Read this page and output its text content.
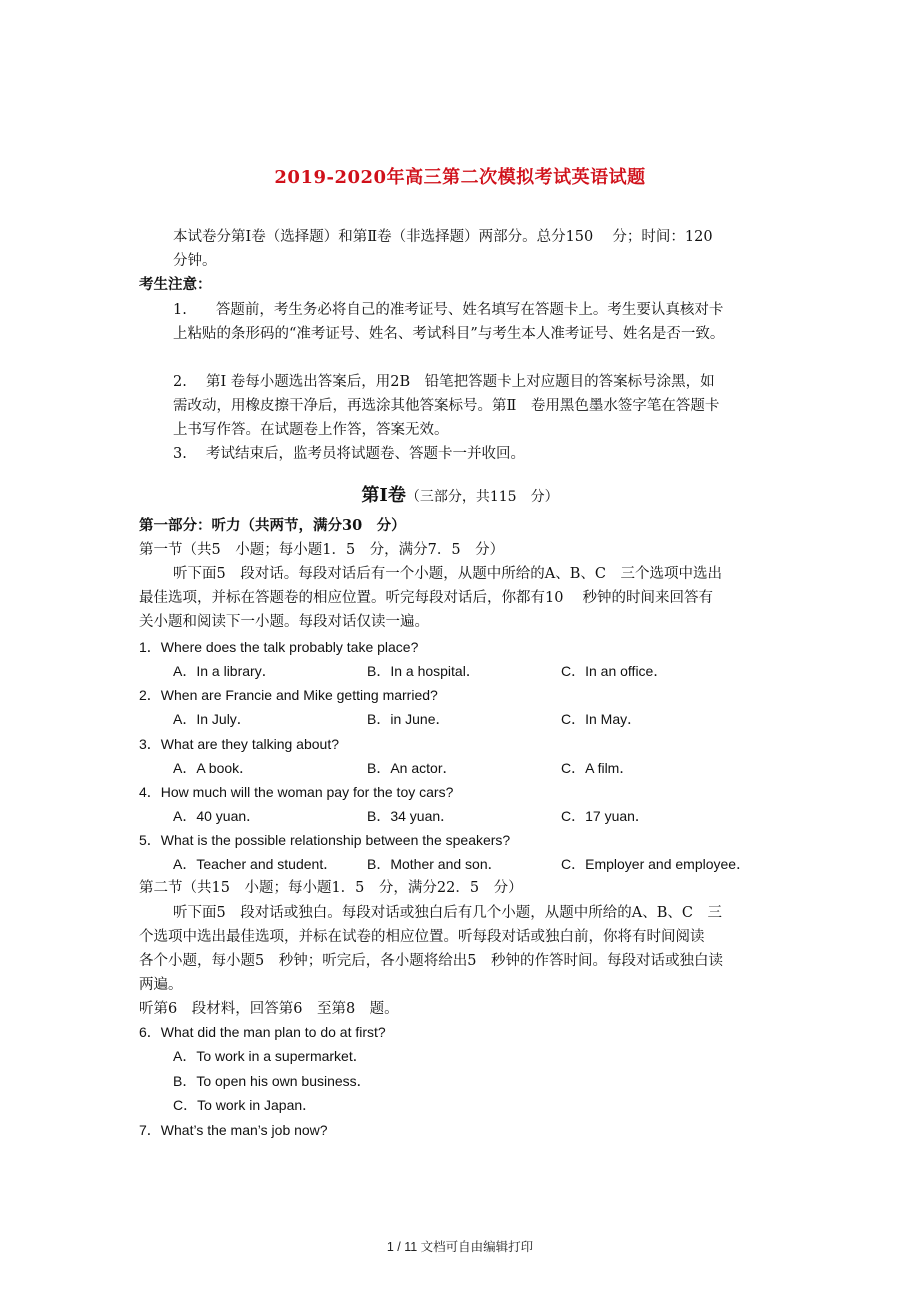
2019-2020年高三第二次模拟考试英语试题
本试卷分第Ⅰ卷（选择题）和第Ⅱ卷（非选择题）两部分。总分150　 分；时间：120
分钟。
考生注意：
1.　　答题前，考生务必将自己的准考证号、姓名填写在答题卡上。考生要认真核对卡
上粘贴的条形码的“准考证号、姓名、考试科目”与考生本人准考证号、姓名是否一致。
2.　 第Ⅰ 卷每小题选出答案后，用2B　铅笔把答题卡上对应题目的答案标号涂黑，如
需改动，用橡皮擦干净后，再选涂其他答案标号。第Ⅱ　卷用黑色墨水签字笔在答题卡
上书写作答。在试题卷上作答，答案无效。
3.　 考试结束后，监考员将试题卷、答题卡一并收回。
第Ⅰ卷（三部分，共115　分）
第一部分：听力（共两节，满分30　分）
第一节（共5　小题；每小题1．5　分，满分7．5　分）
听下面5　段对话。每段对话后有一个小题，从题中所给的A、B、C　三个选项中选出
最佳选项，并标在答题卷的相应位置。听完每段对话后，你都有10　 秒钟的时间来回答有
关小题和阅读下一小题。每段对话仅读一遍。
1．Where does the talk probably take place?
A．In a library．	B．In a hospital．	C．In an office．
2．When are Francie and Mike getting married?
A．In July．	B．in June．	C．In May．
3．What are they talking about?
A．A book．	B．An actor．	C．A film．
4．How much will the woman pay for the toy cars?
A．40 yuan．	B．34 yuan．	C．17 yuan．
5．What is the possible relationship between the speakers?
A．Teacher and student． B．Mother and son．	C．Employer and employee．
第二节（共15　小题；每小题1．5　分，满分22．5　分）
听下面5　段对话或独白。每段对话或独白后有几个小题，从题中所给的A、B、C　三
个选项中选出最佳选项，并标在试卷的相应位置。听每段对话或独白前，你将有时间阅读
各个小题，每小题5　秒钟；听完后，各小题将给出5　秒钟的作答时间。每段对话或独白读
两遍。
听第6　段材料，回答第6　至第8　题。
6．What did the man plan to do at first?
A．To work in a supermarket．
B．To open his own business．
C．To work in Japan．
7．What’s the man’s job now?
1 / 11 文档可自由编辑打印
